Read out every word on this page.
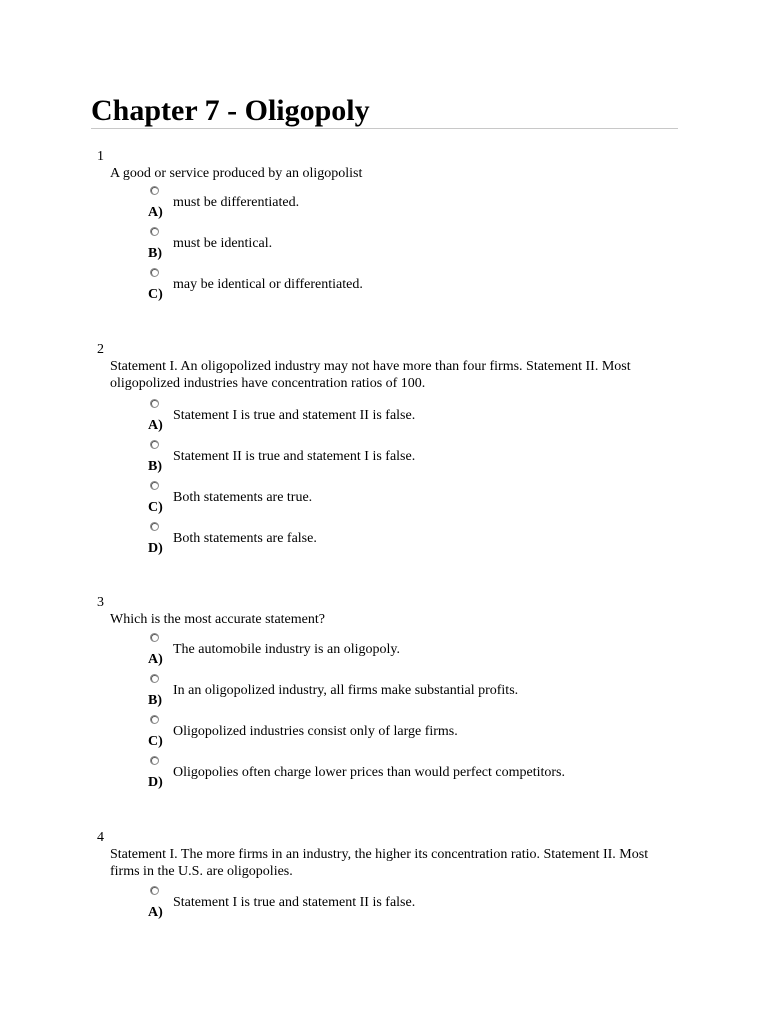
Chapter 7 - Oligopoly
1
A good or service produced by an oligopolist
must be differentiated.
A)
must be identical.
B)
may be identical or differentiated.
C)
2
Statement I. An oligopolized industry may not have more than four firms. Statement II. Most oligopolized industries have concentration ratios of 100.
Statement I is true and statement II is false.
A)
Statement II is true and statement I is false.
B)
Both statements are true.
C)
Both statements are false.
D)
3
Which is the most accurate statement?
The automobile industry is an oligopoly.
A)
In an oligopolized industry, all firms make substantial profits.
B)
Oligopolized industries consist only of large firms.
C)
Oligopolies often charge lower prices than would perfect competitors.
D)
4
Statement I. The more firms in an industry, the higher its concentration ratio. Statement II. Most firms in the U.S. are oligopolies.
Statement I is true and statement II is false.
A)
